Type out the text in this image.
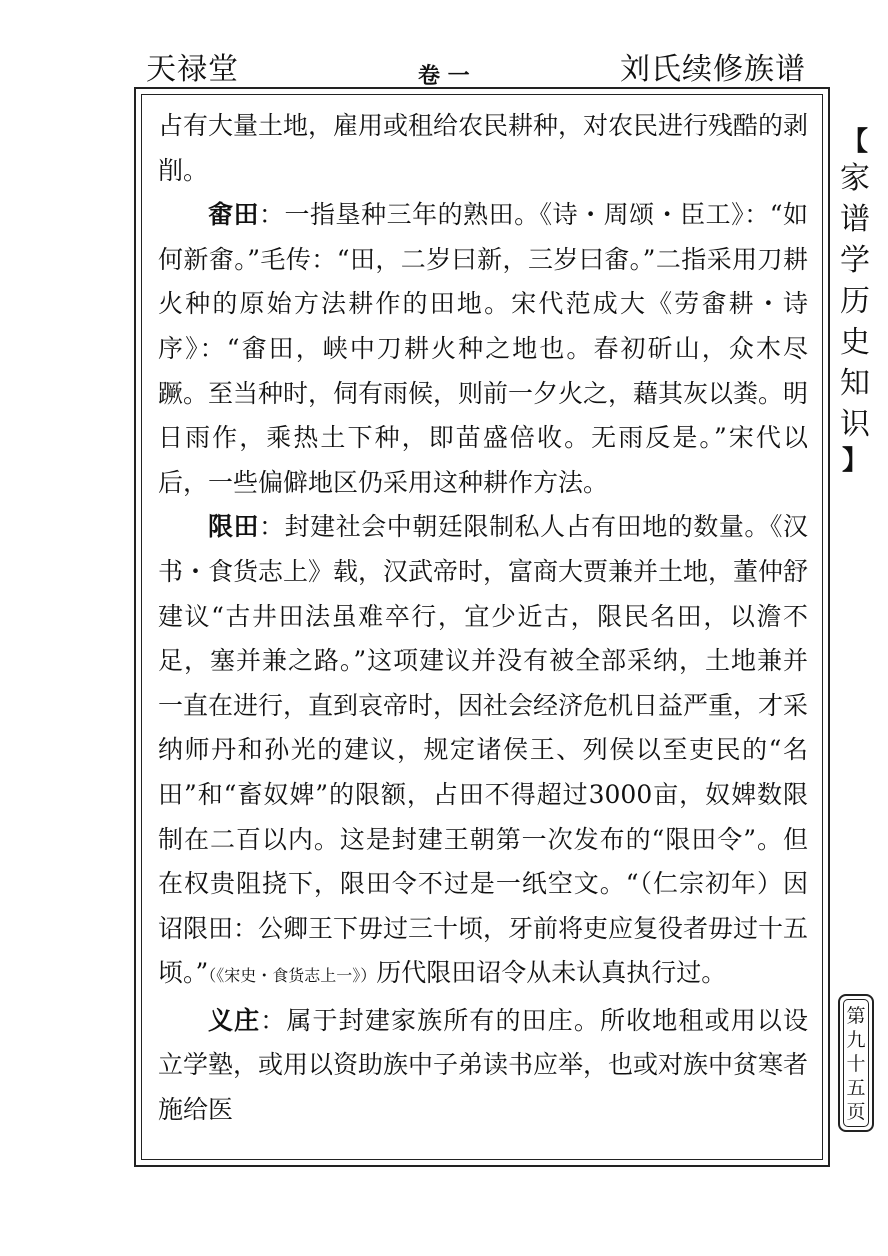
天禄堂	卷 一	刘氏续修族谱

占有大量土地，雇用或租给农民耕种，对农民进行残酷的剥削。

畬田：一指垦种三年的熟田。《诗・周颂・臣工》：“如何新畬。”毛传：“田，二岁曰新，三岁曰畬。”二指采用刀耕火种的原始方法耕作的田地。宋代范成大《劳畬耕・诗序》：“畬田，峡中刀耕火种之地也。春初斫山，众木尽蹶。至当种时，伺有雨候，则前一夕火之，藉其灰以粪。明日雨作，乘热土下种，即苗盛倍收。无雨反是。”宋代以后，一些偏僻地区仍采用这种耕作方法。

限田：封建社会中朝廷限制私人占有田地的数量。《汉书・食货志上》载，汉武帝时，富商大贾兼并土地，董仲舒建议“古井田法虽难卒行，宜少近古，限民名田，以澹不足，塞并兼之路。”这项建议并没有被全部采纳，土地兼并一直在进行，直到哀帝时，因社会经济危机日益严重，才采纳师丹和孙光的建议，规定诸侯王、列侯以至吏民的“名田”和“畜奴婢”的限额，占田不得超过3000亩，奴婢数限制在二百以内。这是封建王朝第一次发布的“限田令”。但在权贵阻挠下，限田令不过是一纸空文。“（仁宗初年）因诏限田：公卿王下毋过三十顷，牙前将吏应复役者毋过十五顷。”（《宋史・食货志上一》）历代限田诏令从未认真执行过。

义庄：属于封建家族所有的田庄。所收地租或用以设立学塾，或用以资助族中子弟读书应举，也或对族中贫寒者施给医

【
家
谱
学
历
史
知
识
】
第
九
十
五
页
